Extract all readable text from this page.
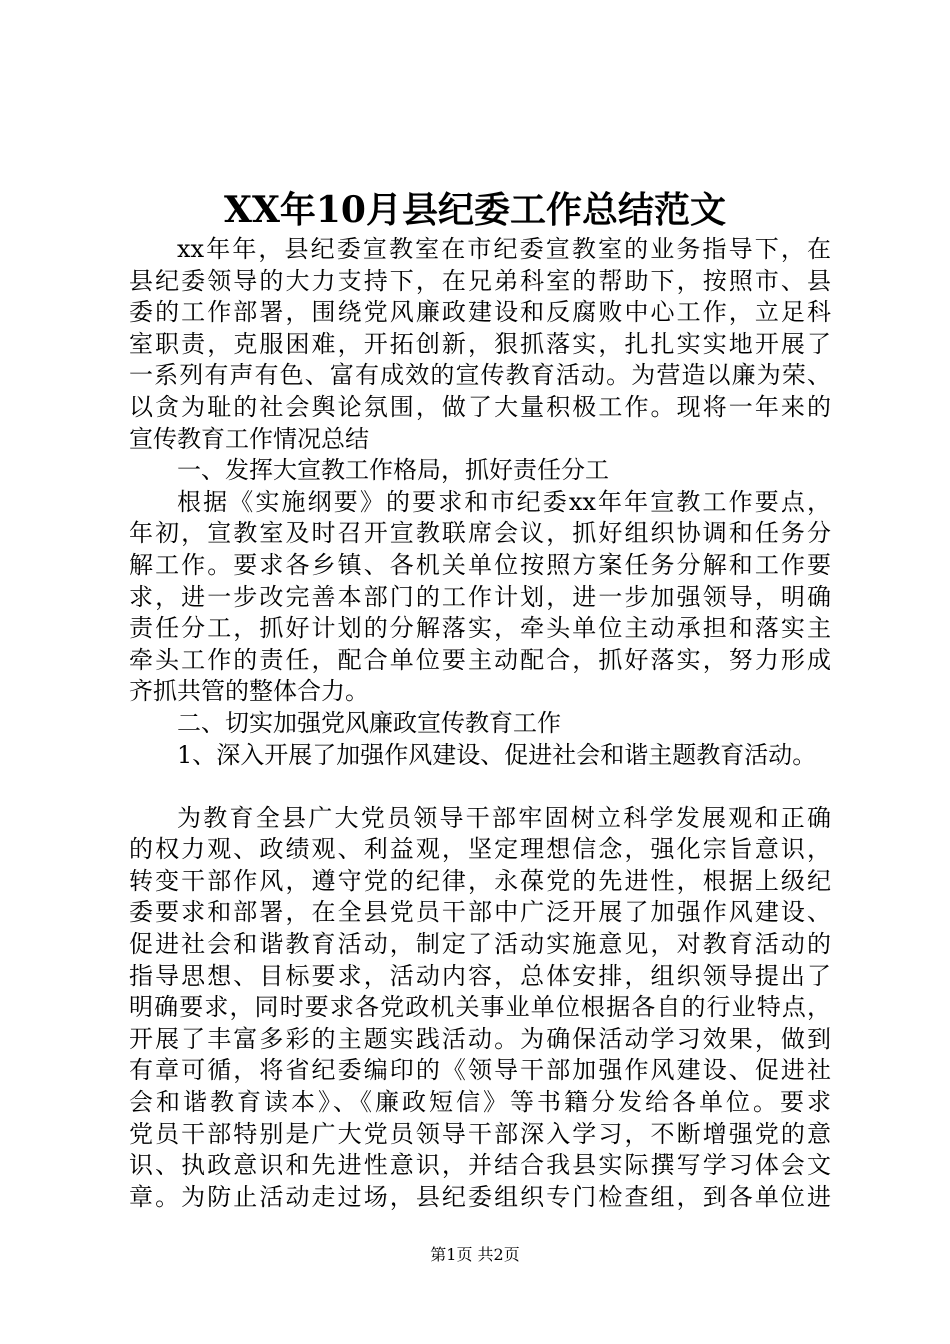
XX年10月县纪委工作总结范文
xx年年，县纪委宣教室在市纪委宣教室的业务指导下，在
县纪委领导的大力支持下，在兄弟科室的帮助下，按照市、县
委的工作部署，围绕党风廉政建设和反腐败中心工作，立足科
室职责，克服困难，开拓创新，狠抓落实，扎扎实实地开展了
一系列有声有色、富有成效的宣传教育活动。为营造以廉为荣、
以贪为耻的社会舆论氛围，做了大量积极工作。现将一年来的
宣传教育工作情况总结
一、发挥大宣教工作格局，抓好责任分工
根据《实施纲要》的要求和市纪委xx年年宣教工作要点，
年初，宣教室及时召开宣教联席会议，抓好组织协调和任务分
解工作。要求各乡镇、各机关单位按照方案任务分解和工作要
求，进一步改完善本部门的工作计划，进一步加强领导，明确
责任分工，抓好计划的分解落实，牵头单位主动承担和落实主
牵头工作的责任，配合单位要主动配合，抓好落实，努力形成
齐抓共管的整体合力。
二、切实加强党风廉政宣传教育工作
1、深入开展了加强作风建设、促进社会和谐主题教育活动。
为教育全县广大党员领导干部牢固树立科学发展观和正确
的权力观、政绩观、利益观，坚定理想信念，强化宗旨意识，
转变干部作风，遵守党的纪律，永葆党的先进性，根据上级纪
委要求和部署，在全县党员干部中广泛开展了加强作风建设、
促进社会和谐教育活动，制定了活动实施意见，对教育活动的
指导思想、目标要求，活动内容，总体安排，组织领导提出了
明确要求，同时要求各党政机关事业单位根据各自的行业特点，
开展了丰富多彩的主题实践活动。为确保活动学习效果，做到
有章可循，将省纪委编印的《领导干部加强作风建设、促进社
会和谐教育读本》、《廉政短信》等书籍分发给各单位。要求
党员干部特别是广大党员领导干部深入学习，不断增强党的意
识、执政意识和先进性意识，并结合我县实际撰写学习体会文
章。为防止活动走过场，县纪委组织专门检查组，到各单位进
第1页 共2页
